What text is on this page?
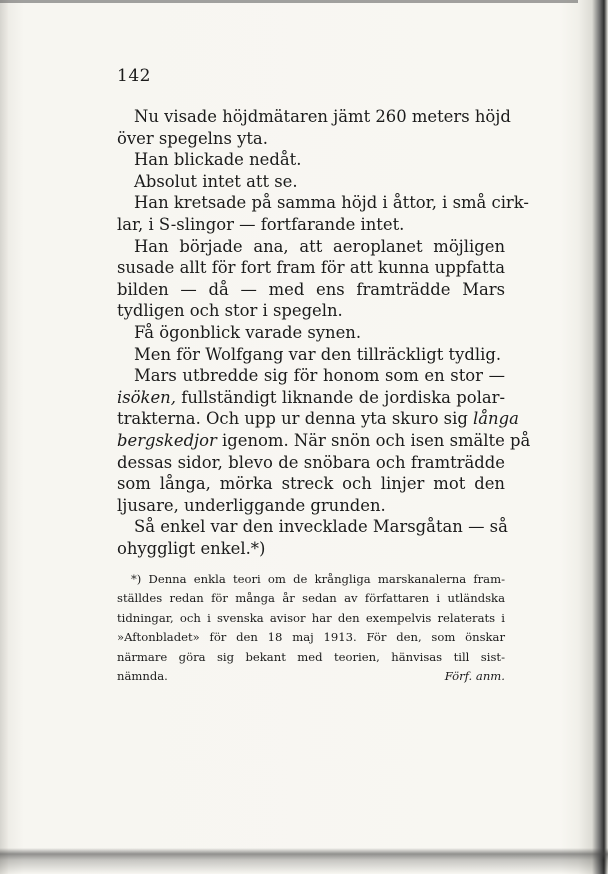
142
Nu visade höjdmätaren jämt 260 meters höjd
över spegelns yta.
Han blickade nedåt.
Absolut intet att se.
Han kretsade på samma höjd i åttor, i små cirk-
lar, i S-slingor — fortfarande intet.
Han började ana, att aeroplanet möjligen
susade allt för fort fram för att kunna uppfatta
bilden — då — med ens framträdde Mars
tydligen och stor i spegeln.
Få ögonblick varade synen.
Men för Wolfgang var den tillräckligt tydlig.
Mars utbredde sig för honom som en stor —
isöken, fullständigt liknande de jordiska polar-
trakterna. Och upp ur denna yta skuro sig långa
bergskedjor igenom. När snön och isen smälte på
dessas sidor, blevo de snöbara och framträdde
som långa, mörka streck och linjer mot den
ljusare, underliggande grunden.
Så enkel var den invecklade Marsgåtan — så
ohyggligt enkel.*)
*) Denna enkla teori om de krångliga marskanalerna fram-
ställdes redan för många år sedan av författaren i utländska
tidningar, och i svenska avisor har den exempelvis relaterats i
»Aftonbladet» för den 18 maj 1913. För den, som önskar
närmare göra sig bekant med teorien, hänvisas till sist-
nämnda.	Förf. anm.
